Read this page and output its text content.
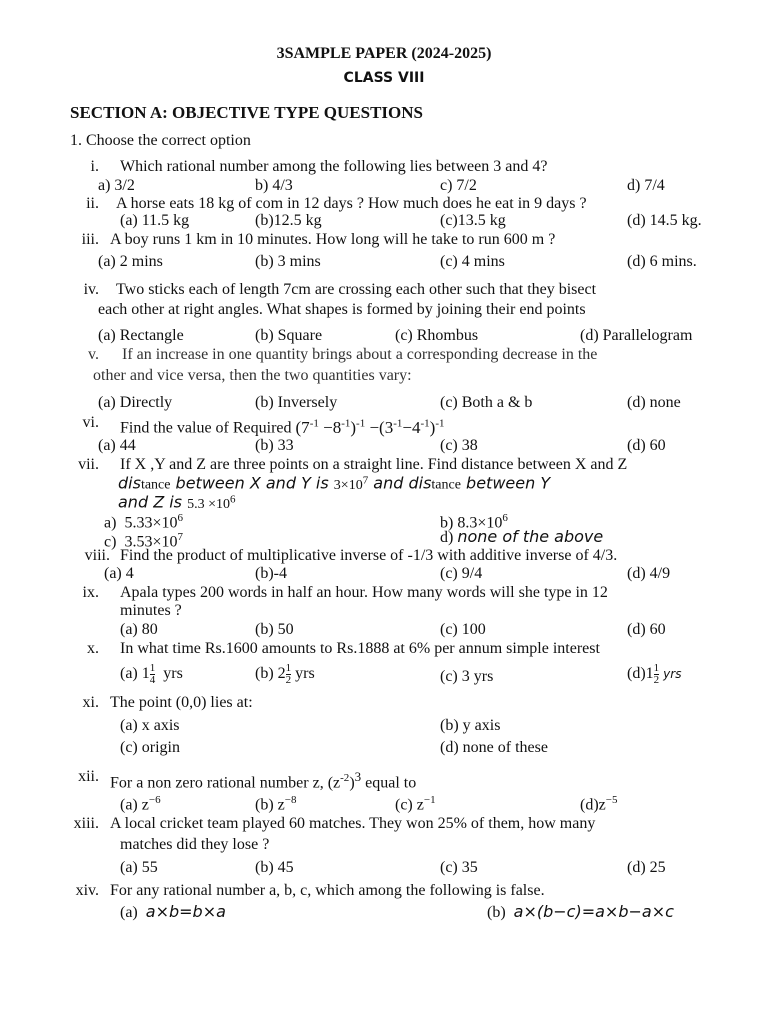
3SAMPLE PAPER (2024-2025)
CLASS VIII
SECTION A: OBJECTIVE TYPE QUESTIONS
1. Choose the correct option
i. Which rational number among the following lies between 3 and 4?
a) 3/2	b) 4/3	c) 7/2	d) 7/4
ii. A horse eats 18 kg of com in 12 days ? How much does he eat in 9 days ?
(a) 11.5 kg	(b)12.5 kg	(c)13.5 kg	(d) 14.5 kg.
iii. A boy runs 1 km in 10 minutes. How long will he take to run 600 m ?
(a) 2 mins	(b) 3 mins	(c) 4 mins	(d) 6 mins.
iv. Two sticks each of length 7cm are crossing each other such that they bisect
each other at right angles. What shapes is formed by joining their end points
(a) Rectangle	(b) Square	(c) Rhombus	(d) Parallelogram
v. If an increase in one quantity brings about a corresponding decrease in the
other and vice versa, then the two quantities vary:
(a) Directly	(b) Inversely	(c) Both a & b	(d) none
vi. Find the value of Required $(7^{-1} -8^{-1})^{-1} -(3^{-1}-4^{-1})^{-1}$
(a) 44	(b) 33	(c) 38	(d) 60
vii. If X ,Y and Z are three points on a straight line. Find distance between X and Z
distance between X and Y is $3\times 10^7$ and distance between Y
and Z is $5.3 \times 10^6$
a)  $5.33\times 10^6$	b) $8.3\times 10^6$
c)  $3.53\times 10^7$	d) none of the above
viii. Find the product of multiplicative inverse of -1/3 with additive inverse of 4/3.
(a) 4	(b)-4	(c) 9/4	(d) 4/9
ix. Apala types 200 words in half an hour. How many words will she type in 12
minutes ?
(a) 80	(b) 50	(c) 100	(d) 60
x. In what time Rs.1600 amounts to Rs.1888 at 6% per annum simple interest
(a) $1 \frac{1}{4}$ yrs	(b) $2 \frac{1}{2}$ yrs	(c) 3 yrs	$(d)1 \frac{1}{2}$ yrs
xi. The point (0,0) lies at:
(a) x axis	(b) y axis
(c) origin	(d) none of these
xii. For a non zero rational number z, $(z^{-2})^3$ equal to
(a) $z^{-6}$	(b) $z^{-8}$	(c) $z^{-1}$	$(d)z^{-5}$
xiii. A local cricket team played 60 matches. They won 25% of them, how many
matches did they lose ?
(a) 55	(b) 45	(c) 35	(d) 25
xiv. For any rational number a, b, c, which among the following is false.
(a)  a×b=b×a	(b)  a×(b−c)=a×b−a×c
